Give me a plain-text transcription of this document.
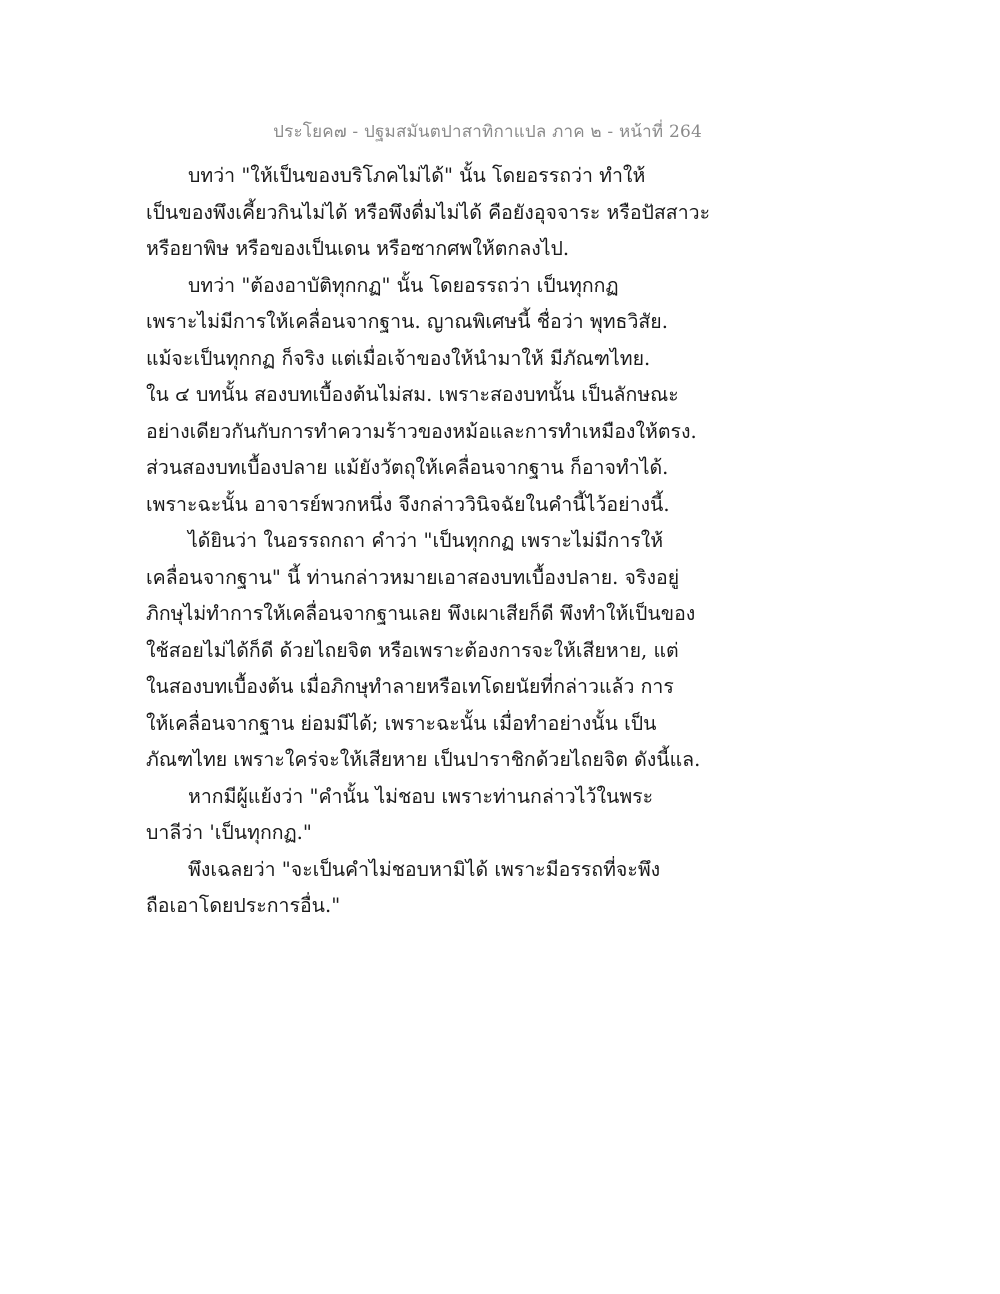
ประโยค๗ - ปฐมสมันตปาสาทิกาแปล ภาค ๒ - หน้าที่ 264
บทว่า "ให้เป็นของบริโภคไม่ได้" นั้น โดยอรรถว่า ทำให้
เป็นของพึงเคี้ยวกินไม่ได้ หรือพึงดื่มไม่ได้ คือยังอุจจาระ หรือปัสสาวะ
หรือยาพิษ หรือของเป็นเดน หรือซากศพให้ตกลงไป.
บทว่า "ต้องอาบัติทุกกฏ" นั้น โดยอรรถว่า เป็นทุกกฏ
เพราะไม่มีการให้เคลื่อนจากฐาน. ญาณพิเศษนี้ ชื่อว่า พุทธวิสัย.
แม้จะเป็นทุกกฏ ก็จริง แต่เมื่อเจ้าของให้นำมาให้ มีภัณฑไทย.
ใน ๔ บทนั้น สองบทเบื้องต้นไม่สม. เพราะสองบทนั้น เป็นลักษณะ
อย่างเดียวกันกับการทำความร้าวของหม้อและการทำเหมืองให้ตรง.
ส่วนสองบทเบื้องปลาย แม้ยังวัตถุให้เคลื่อนจากฐาน ก็อาจทำได้.
เพราะฉะนั้น อาจารย์พวกหนึ่ง จึงกล่าววินิจฉัยในคำนี้ไว้อย่างนี้.
ได้ยินว่า ในอรรถกถา คำว่า "เป็นทุกกฏ เพราะไม่มีการให้
เคลื่อนจากฐาน" นี้ ท่านกล่าวหมายเอาสองบทเบื้องปลาย. จริงอยู่
ภิกษุไม่ทำการให้เคลื่อนจากฐานเลย พึงเผาเสียก็ดี พึงทำให้เป็นของ
ใช้สอยไม่ได้ก็ดี ด้วยไถยจิต หรือเพราะต้องการจะให้เสียหาย, แต่
ในสองบทเบื้องต้น เมื่อภิกษุทำลายหรือเทโดยนัยที่กล่าวแล้ว การ
ให้เคลื่อนจากฐาน ย่อมมีได้; เพราะฉะนั้น เมื่อทำอย่างนั้น เป็น
ภัณฑไทย เพราะใคร่จะให้เสียหาย เป็นปาราชิกด้วยไถยจิต ดังนี้แล.
หากมีผู้แย้งว่า "คำนั้น ไม่ชอบ เพราะท่านกล่าวไว้ในพระ
บาลีว่า 'เป็นทุกกฏ."
พึงเฉลยว่า "จะเป็นคำไม่ชอบหามิได้ เพราะมีอรรถที่จะพึง
ถือเอาโดยประการอื่น."
